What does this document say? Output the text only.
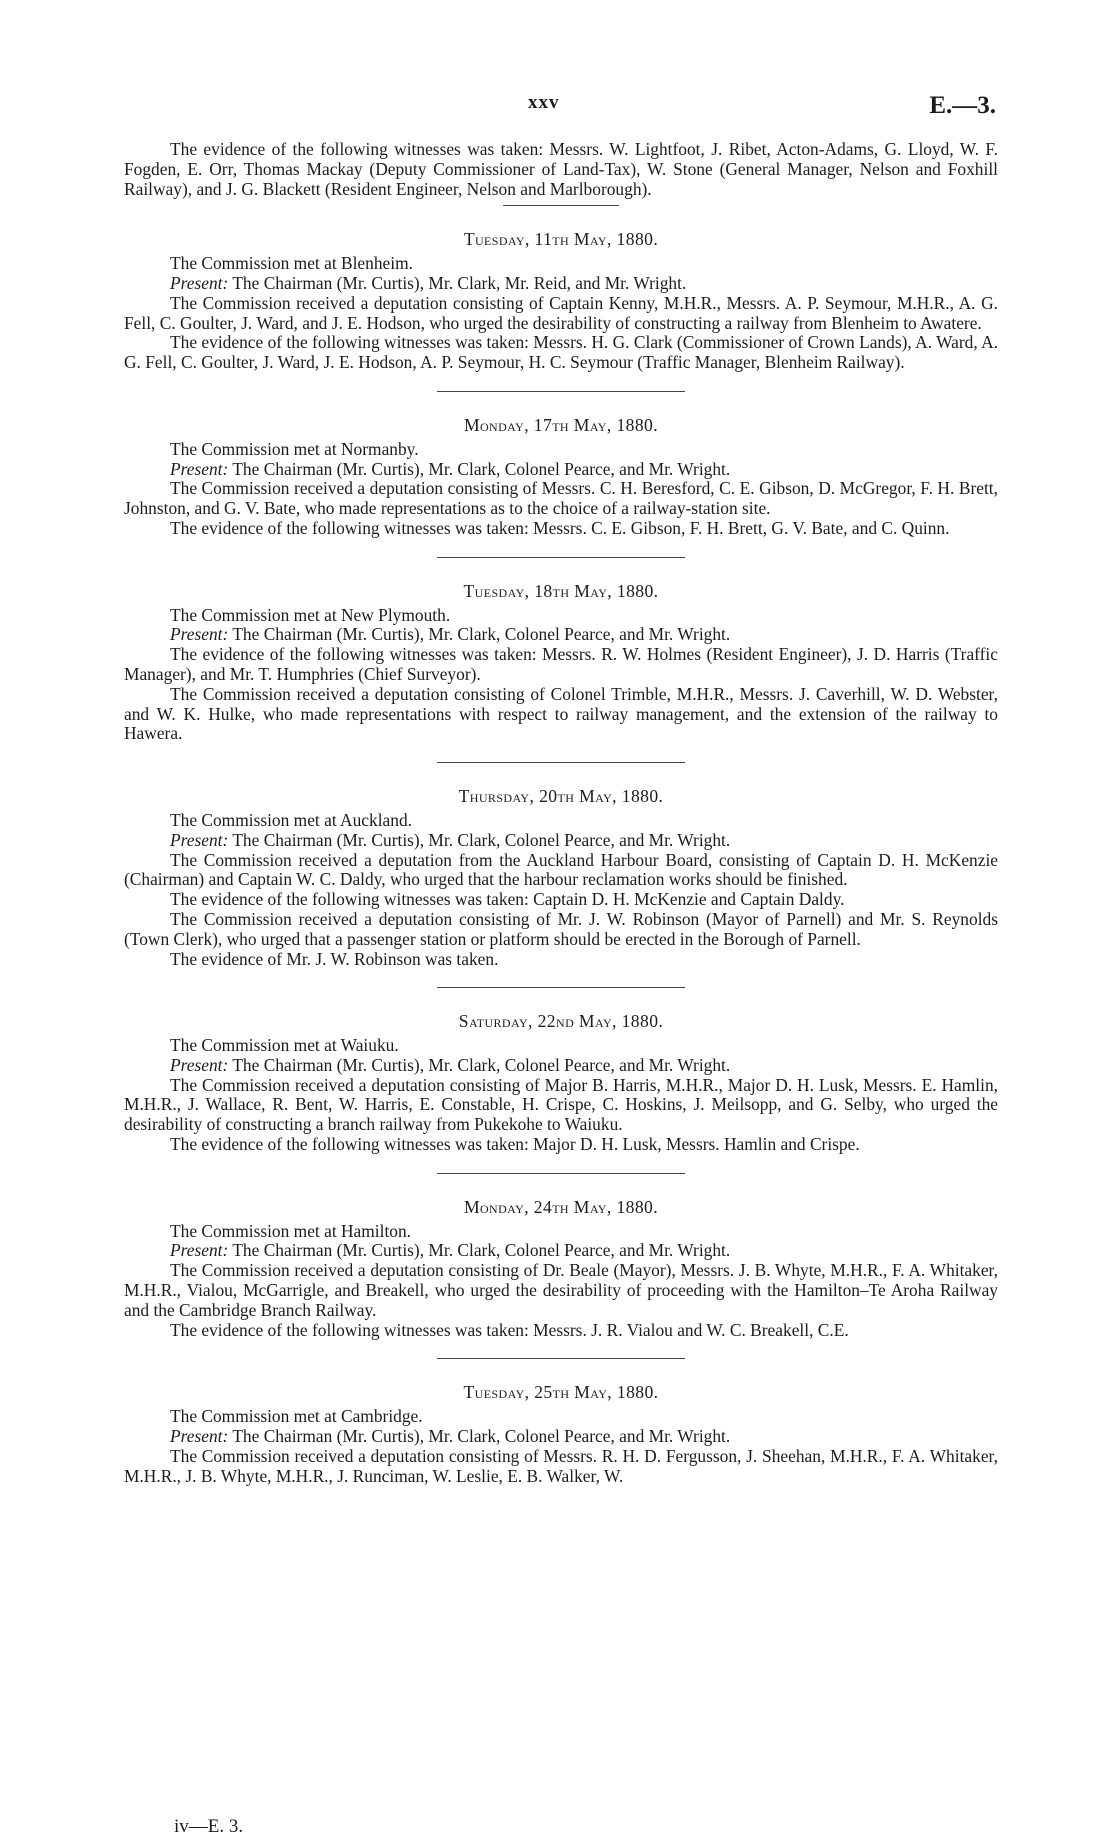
xxv	E.—3.

The evidence of the following witnesses was taken: Messrs. W. Lightfoot, J. Ribet, Acton-Adams, G. Lloyd, W. F. Fogden, E. Orr, Thomas Mackay (Deputy Commissioner of Land-Tax), W. Stone (General Manager, Nelson and Foxhill Railway), and J. G. Blackett (Resident Engineer, Nelson and Marlborough).

Tuesday, 11th May, 1880.

The Commission met at Blenheim.

Present: The Chairman (Mr. Curtis), Mr. Clark, Mr. Reid, and Mr. Wright.

The Commission received a deputation consisting of Captain Kenny, M.H.R., Messrs. A. P. Seymour, M.H.R., A. G. Fell, C. Goulter, J. Ward, and J. E. Hodson, who urged the desirability of constructing a railway from Blenheim to Awatere.

The evidence of the following witnesses was taken: Messrs. H. G. Clark (Commissioner of Crown Lands), A. Ward, A. G. Fell, C. Goulter, J. Ward, J. E. Hodson, A. P. Seymour, H. C. Seymour (Traffic Manager, Blenheim Railway).

Monday, 17th May, 1880.

The Commission met at Normanby.

Present: The Chairman (Mr. Curtis), Mr. Clark, Colonel Pearce, and Mr. Wright.

The Commission received a deputation consisting of Messrs. C. H. Beresford, C. E. Gibson, D. McGregor, F. H. Brett, Johnston, and G. V. Bate, who made representations as to the choice of a railway-station site.

The evidence of the following witnesses was taken: Messrs. C. E. Gibson, F. H. Brett, G. V. Bate, and C. Quinn.

Tuesday, 18th May, 1880.

The Commission met at New Plymouth.

Present: The Chairman (Mr. Curtis), Mr. Clark, Colonel Pearce, and Mr. Wright.

The evidence of the following witnesses was taken: Messrs. R. W. Holmes (Resident Engineer), J. D. Harris (Traffic Manager), and Mr. T. Humphries (Chief Surveyor).

The Commission received a deputation consisting of Colonel Trimble, M.H.R., Messrs. J. Caverhill, W. D. Webster, and W. K. Hulke, who made representations with respect to railway management, and the extension of the railway to Hawera.

Thursday, 20th May, 1880.

The Commission met at Auckland.

Present: The Chairman (Mr. Curtis), Mr. Clark, Colonel Pearce, and Mr. Wright.

The Commission received a deputation from the Auckland Harbour Board, consisting of Captain D. H. McKenzie (Chairman) and Captain W. C. Daldy, who urged that the harbour reclamation works should be finished.

The evidence of the following witnesses was taken: Captain D. H. McKenzie and Captain Daldy.

The Commission received a deputation consisting of Mr. J. W. Robinson (Mayor of Parnell) and Mr. S. Reynolds (Town Clerk), who urged that a passenger station or platform should be erected in the Borough of Parnell.

The evidence of Mr. J. W. Robinson was taken.

Saturday, 22nd May, 1880.

The Commission met at Waiuku.

Present: The Chairman (Mr. Curtis), Mr. Clark, Colonel Pearce, and Mr. Wright.

The Commission received a deputation consisting of Major B. Harris, M.H.R., Major D. H. Lusk, Messrs. E. Hamlin, M.H.R., J. Wallace, R. Bent, W. Harris, E. Constable, H. Crispe, C. Hoskins, J. Meilsopp, and G. Selby, who urged the desirability of constructing a branch railway from Pukekohe to Waiuku.

The evidence of the following witnesses was taken: Major D. H. Lusk, Messrs. Hamlin and Crispe.

Monday, 24th May, 1880.

The Commission met at Hamilton.

Present: The Chairman (Mr. Curtis), Mr. Clark, Colonel Pearce, and Mr. Wright.

The Commission received a deputation consisting of Dr. Beale (Mayor), Messrs. J. B. Whyte, M.H.R., F. A. Whitaker, M.H.R., Vialou, McGarrigle, and Breakell, who urged the desirability of proceeding with the Hamilton–Te Aroha Railway and the Cambridge Branch Railway.

The evidence of the following witnesses was taken: Messrs. J. R. Vialou and W. C. Breakell, C.E.

Tuesday, 25th May, 1880.

The Commission met at Cambridge.

Present: The Chairman (Mr. Curtis), Mr. Clark, Colonel Pearce, and Mr. Wright.

The Commission received a deputation consisting of Messrs. R. H. D. Fergusson, J. Sheehan, M.H.R., F. A. Whitaker, M.H.R., J. B. Whyte, M.H.R., J. Runciman, W. Leslie, E. B. Walker, W.

iv—E. 3.
